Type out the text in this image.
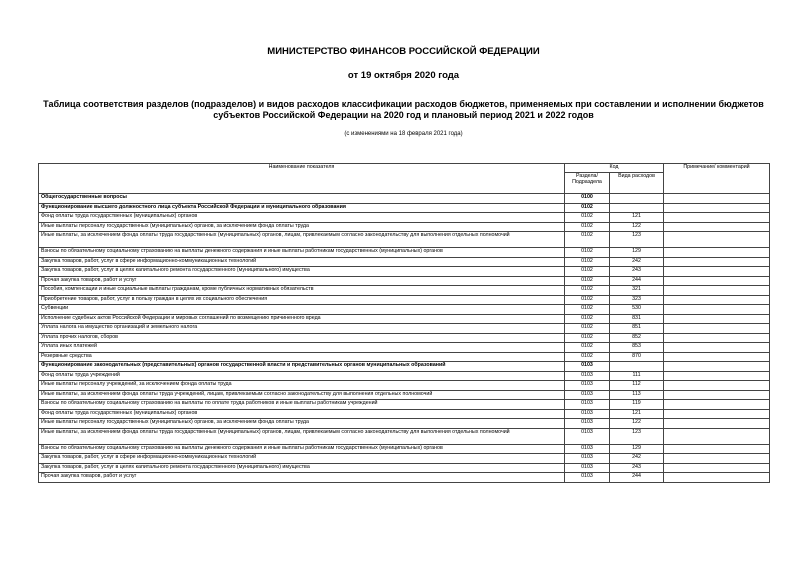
МИНИСТЕРСТВО ФИНАНСОВ РОССИЙСКОЙ ФЕДЕРАЦИИ
от 19 октября 2020 года
Таблица соответствия разделов (подразделов) и видов расходов классификации расходов бюджетов, применяемых при составлении и исполнении бюджетов субъектов Российской Федерации на 2020 год и плановый период 2021 и 2022 годов
(с изменениями на 18 февраля 2021 года)
Наименование показателя	Код		Примечание/ комментарий
	Раздела/ Подраздела	Вида расходов	
Общегосударственные вопросы	0100		
Функционирование высшего должностного лица субъекта Российской Федерации и муниципального образования	0102		
Фонд оплаты труда государственных (муниципальных) органов	0102	121	
Иные выплаты персоналу государственных (муниципальных) органов, за исключением фонда оплаты труда	0102	122	
Иные выплаты, за исключением фонда оплаты труда государственных (муниципальных) органов, лицам, привлекаемым согласно законодательству для выполнения отдельных полномочий	0102	123	
Взносы по обязательному социальному страхованию на выплаты денежного содержания и иные выплаты работникам государственных (муниципальных) органов	0102	129	
Закупка товаров, работ, услуг в сфере информационно-коммуникационных технологий	0102	242	
Закупка товаров, работ, услуг в целях капитального ремонта государственного (муниципального) имущества	0102	243	
Прочая закупка товаров, работ и услуг	0102	244	
Пособия, компенсации и иные социальные выплаты гражданам, кроме публичных нормативных обязательств	0102	321	
Приобретение товаров, работ, услуг в пользу граждан в целях их социального обеспечения	0102	323	
Субвенции	0102	530	
Исполнение судебных актов Российской Федерации и мировых соглашений по возмещению причиненного вреда	0102	831	
Уплата налога на имущество организаций и земельного налога	0102	851	
Уплата прочих налогов, сборов	0102	852	
Уплата иных платежей	0102	853	
Резервные средства	0102	870	
Функционирование законодательных (представительных) органов государственной власти и представительных органов муниципальных образований	0103		
Фонд оплаты труда учреждений	0103	111	
Иные выплаты персоналу учреждений, за исключением фонда оплаты труда	0103	112	
Иные выплаты, за исключением фонда оплаты труда учреждений, лицам, привлекаемым согласно законодательству для выполнения отдельных полномочий	0103	113	
Взносы по обязательному социальному страхованию на выплаты по оплате труда работников и иные выплаты работникам учреждений	0103	119	
Фонд оплаты труда государственных (муниципальных) органов	0103	121	
Иные выплаты персоналу государственных (муниципальных) органов, за исключением фонда оплаты труда	0103	122	
Иные выплаты, за исключением фонда оплаты труда государственных (муниципальных) органов, лицам, привлекаемым согласно законодательству для выполнения отдельных полномочий	0103	123	
Взносы по обязательному социальному страхованию на выплаты денежного содержания и иные выплаты работникам государственных (муниципальных) органов	0103	129	
Закупка товаров, работ, услуг в сфере информационно-коммуникационных технологий	0103	242	
Закупка товаров, работ, услуг в целях капитального ремонта государственного (муниципального) имущества	0103	243	
Прочая закупка товаров, работ и услуг	0103	244	
